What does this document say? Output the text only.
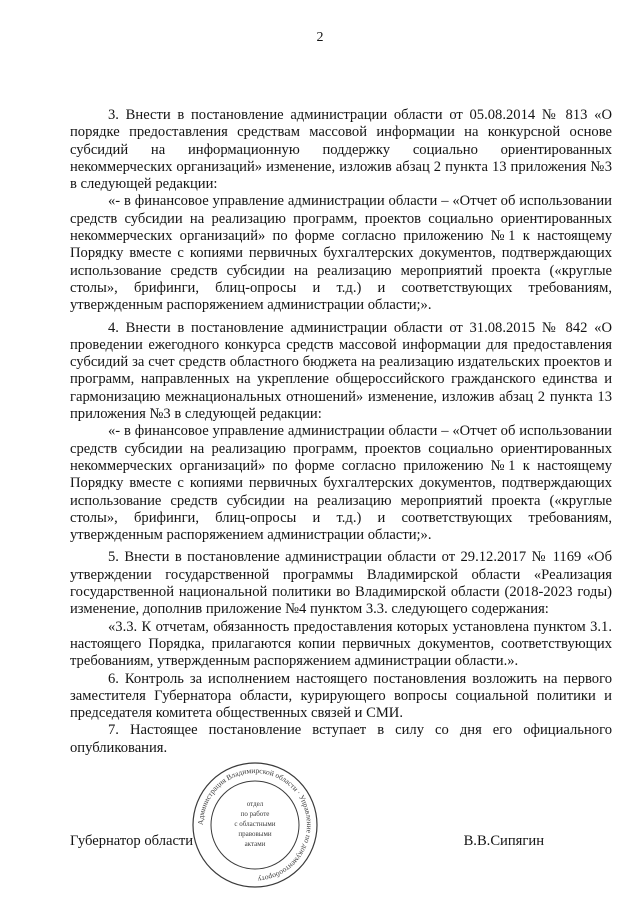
2

3. Внести в постановление администрации области от 05.08.2014 № 813 «О порядке предоставления средствам массовой информации на конкурсной основе субсидий на информационную поддержку социально ориентированных некоммерческих организаций» изменение, изложив абзац 2 пункта 13 приложения №3 в следующей редакции:

«- в финансовое управление администрации области – «Отчет об использовании средств субсидии на реализацию программ, проектов социально ориентированных некоммерческих организаций» по форме согласно приложению №1 к настоящему Порядку вместе с копиями первичных бухгалтерских документов, подтверждающих использование средств субсидии на реализацию мероприятий проекта («круглые столы», брифинги, блиц-опросы и т.д.) и соответствующих требованиям, утвержденным распоряжением администрации области;».

4. Внести в постановление администрации области от 31.08.2015 № 842 «О проведении ежегодного конкурса средств массовой информации для предоставления субсидий за счет средств областного бюджета на реализацию издательских проектов и программ, направленных на укрепление общероссийского гражданского единства и гармонизацию межнациональных отношений» изменение, изложив абзац 2 пункта 13 приложения №3 в следующей редакции:

«- в финансовое управление администрации области – «Отчет об использовании средств субсидии на реализацию программ, проектов социально ориентированных некоммерческих организаций» по форме согласно приложению №1 к настоящему Порядку вместе с копиями первичных бухгалтерских документов, подтверждающих использование средств субсидии на реализацию мероприятий проекта («круглые столы», брифинги, блиц-опросы и т.д.) и соответствующих требованиям, утвержденным распоряжением администрации области;».

5. Внести в постановление администрации области от 29.12.2017 № 1169 «Об утверждении государственной программы Владимирской области «Реализация государственной национальной политики во Владимирской области (2018-2023 годы) изменение, дополнив приложение №4 пунктом 3.3. следующего содержания:

«3.3. К отчетам, обязанность предоставления которых установлена пунктом 3.1. настоящего Порядка, прилагаются копии первичных документов, соответствующих требованиям, утвержденным распоряжением администрации области.».

6. Контроль за исполнением настоящего постановления возложить на первого заместителя Губернатора области, курирующего вопросы социальной политики и председателя комитета общественных связей и СМИ.

7. Настоящее постановление вступает в силу со дня его официального опубликования.

Администрация Владимирской области · Управление по документообороту
отдел
по работе
с областными
правовыми
актами
Губернатор области	В.В.Сипягин
